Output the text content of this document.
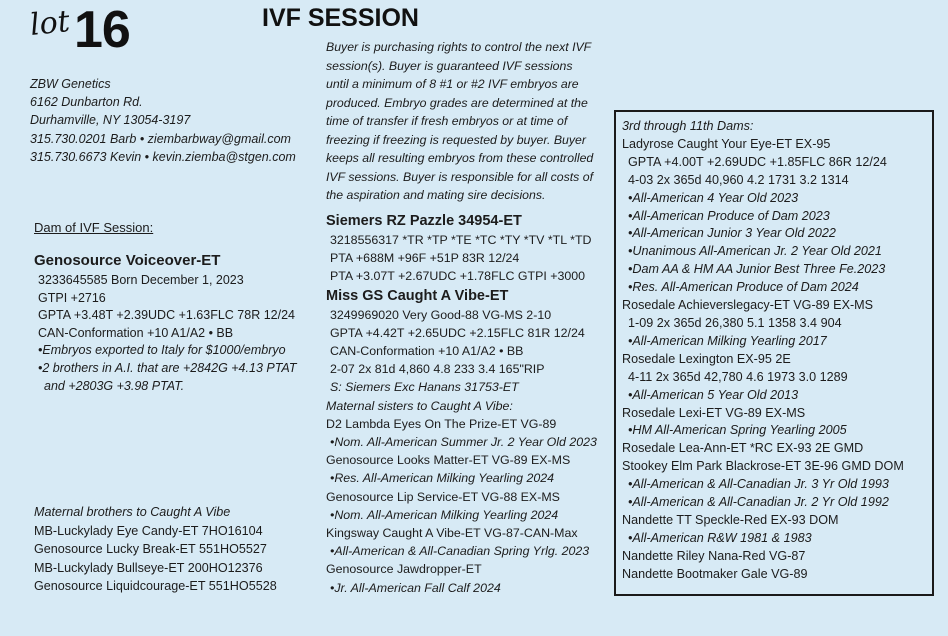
lot 16	IVF SESSION
ZBW Genetics
6162 Dunbarton Rd.
Durhamville, NY 13054-3197
315.730.0201 Barb • ziembarbway@gmail.com
315.730.6673 Kevin • kevin.ziemba@stgen.com
Buyer is purchasing rights to control the next IVF
session(s). Buyer is guaranteed IVF sessions
until a minimum of 8 #1 or #2 IVF embryos are
produced. Embryo grades are determined at the
time of transfer if fresh embryos or at time of
freezing if freezing is requested by buyer. Buyer
keeps all resulting embryos from these controlled
IVF sessions. Buyer is responsible for all costs of
the aspiration and mating sire decisions.
Dam of IVF Session:
Genosource Voiceover-ET
3233645585 Born December 1, 2023
GTPI +2716
GPTA +3.48T +2.39UDC +1.63FLC 78R 12/24
CAN-Conformation +10 A1/A2 • BB
•Embryos exported to Italy for $1000/embryo
•2 brothers in A.I. that are +2842G +4.13 PTAT
and +2803G +3.98 PTAT.
Siemers RZ Pazzle 34954-ET
3218556317 *TR *TP *TE *TC *TY *TV *TL *TD
PTA +688M +96F +51P 83R 12/24
PTA +3.07T +2.67UDC +1.78FLC GTPI +3000
Miss GS Caught A Vibe-ET
3249969020 Very Good-88 VG-MS 2-10
GPTA +4.42T +2.65UDC +2.15FLC 81R 12/24
CAN-Conformation +10 A1/A2 • BB
2-07 2x 81d 4,860 4.8 233 3.4 165"RIP
S: Siemers Exc Hanans 31753-ET
Maternal sisters to Caught A Vibe:
D2 Lambda Eyes On The Prize-ET VG-89
•Nom. All-American Summer Jr. 2 Year Old 2023
Genosource Looks Matter-ET VG-89 EX-MS
•Res. All-American Milking Yearling 2024
Genosource Lip Service-ET VG-88 EX-MS
•Nom. All-American Milking Yearling 2024
Kingsway Caught A Vibe-ET VG-87-CAN-Max
•All-American & All-Canadian Spring Yrlg. 2023
Genosource Jawdropper-ET
•Jr. All-American Fall Calf 2024
Maternal brothers to Caught A Vibe
MB-Luckylady Eye Candy-ET 7HO16104
Genosource Lucky Break-ET 551HO5527
MB-Luckylady Bullseye-ET 200HO12376
Genosource Liquidcourage-ET 551HO5528
3rd through 11th Dams:
Ladyrose Caught Your Eye-ET EX-95
GPTA +4.00T +2.69UDC +1.85FLC 86R 12/24
4-03 2x 365d 40,960 4.2 1731 3.2 1314
•All-American 4 Year Old 2023
•All-American Produce of Dam 2023
•All-American Junior 3 Year Old 2022
•Unanimous All-American Jr. 2 Year Old 2021
•Dam AA & HM AA Junior Best Three Fe.2023
•Res. All-American Produce of Dam 2024
Rosedale Achieverslegacy-ET VG-89 EX-MS
1-09 2x 365d 26,380 5.1 1358 3.4 904
•All-American Milking Yearling 2017
Rosedale Lexington EX-95 2E
4-11 2x 365d 42,780 4.6 1973 3.0 1289
•All-American 5 Year Old 2013
Rosedale Lexi-ET VG-89 EX-MS
•HM All-American Spring Yearling 2005
Rosedale Lea-Ann-ET *RC EX-93 2E GMD
Stookey Elm Park Blackrose-ET 3E-96 GMD DOM
•All-American & All-Canadian Jr. 3 Yr Old 1993
•All-American & All-Canadian Jr. 2 Yr Old 1992
Nandette TT Speckle-Red EX-93 DOM
•All-American R&W 1981 & 1983
Nandette Riley Nana-Red VG-87
Nandette Bootmaker Gale VG-89
